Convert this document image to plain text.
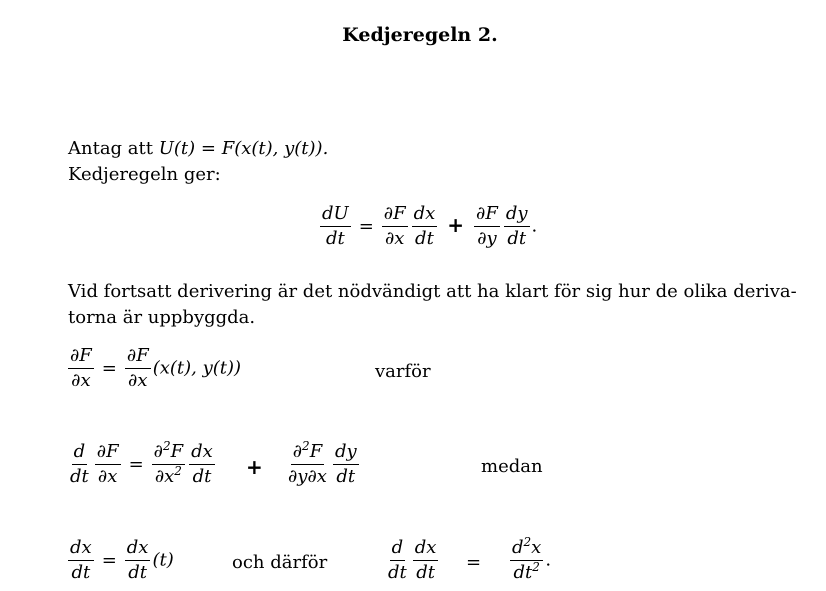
Kedjeregeln 2.
Antag att U(t) = F(x(t), y(t)).
Kedjeregeln ger:
$\frac{dU}{dt} = \frac{\partial F}{\partial x} \frac{dx}{dt} + \frac{\partial F}{\partial y} \frac{dy}{dt}$ .
Vid fortsatt derivering är det nödvändigt att ha klart för sig hur de olika deriva-
torna är uppbyggda.
$\frac{\partial F}{\partial x} = \frac{\partial F}{\partial x} (x(t)$, y(t))	varför
$\frac{d}{dt} \frac{\partial F}{\partial x} = \frac{\partial^2F}{\partial x^2} \frac{dx}{dt} + \frac{\partial^2F}{\partial y\partial x} \frac{dy}{dt}$	medan
$\frac{dx}{dt} = \frac{dx}{dt} (t)$	och därför	$\frac{d}{dt} \frac{dx}{dt} = \frac{d^2x}{dt^2}$ .
